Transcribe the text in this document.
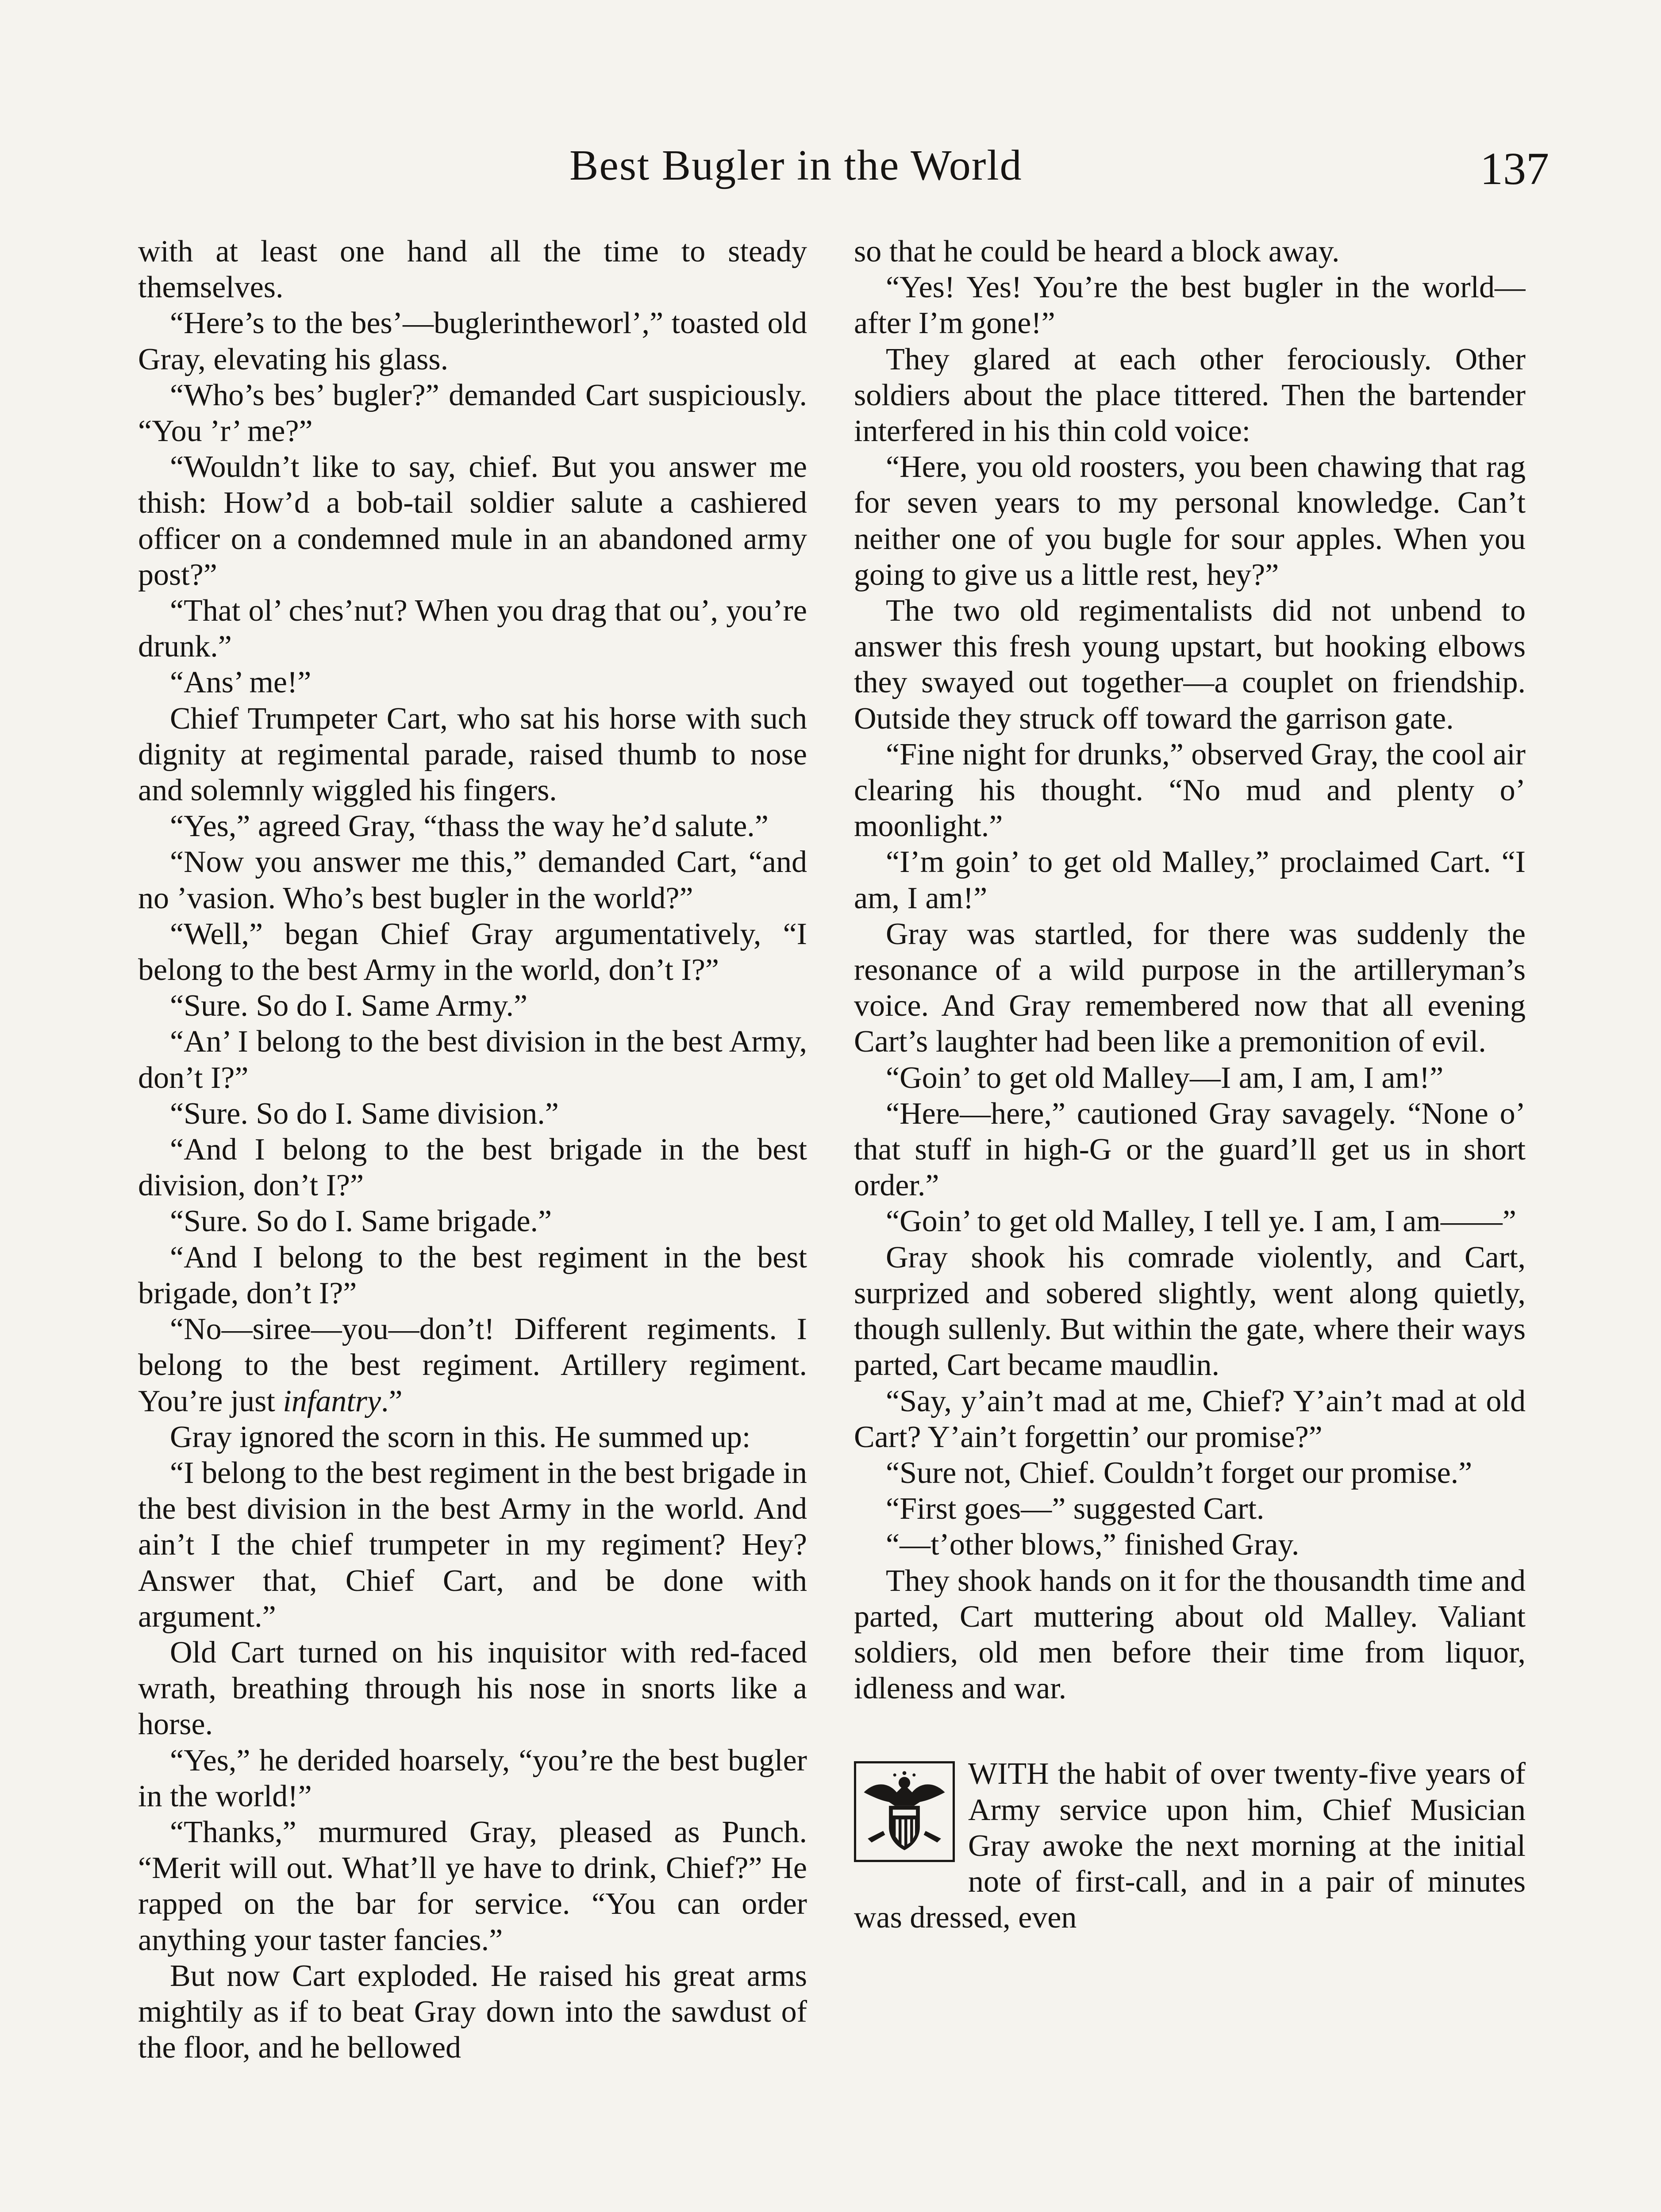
Best Bugler in the World	137

with at least one hand all the time to steady themselves.

“Here’s to the bes’—buglerintheworl’,” toasted old Gray, elevating his glass.

“Who’s bes’ bugler?” demanded Cart suspiciously. “You ’r’ me?”

“Wouldn’t like to say, chief. But you answer me thish: How’d a bob-tail soldier salute a cashiered officer on a condemned mule in an abandoned army post?”

“That ol’ ches’nut? When you drag that ou’, you’re drunk.”

“Ans’ me!”

Chief Trumpeter Cart, who sat his horse with such dignity at regimental parade, raised thumb to nose and solemnly wiggled his fingers.

“Yes,” agreed Gray, “thass the way he’d salute.”

“Now you answer me this,” demanded Cart, “and no ’vasion. Who’s best bugler in the world?”

“Well,” began Chief Gray argumentatively, “I belong to the best Army in the world, don’t I?”

“Sure. So do I. Same Army.”

“An’ I belong to the best division in the best Army, don’t I?”

“Sure. So do I. Same division.”

“And I belong to the best brigade in the best division, don’t I?”

“Sure. So do I. Same brigade.”

“And I belong to the best regiment in the best brigade, don’t I?”

“No—siree—you—don’t! Different regiments. I belong to the best regiment. Artillery regiment. You’re just infantry.”

Gray ignored the scorn in this. He summed up:

“I belong to the best regiment in the best brigade in the best division in the best Army in the world. And ain’t I the chief trumpeter in my regiment? Hey? Answer that, Chief Cart, and be done with argument.”

Old Cart turned on his inquisitor with red-faced wrath, breathing through his nose in snorts like a horse.

“Yes,” he derided hoarsely, “you’re the best bugler in the world!”

“Thanks,” murmured Gray, pleased as Punch. “Merit will out. What’ll ye have to drink, Chief?” He rapped on the bar for service. “You can order anything your taster fancies.”

But now Cart exploded. He raised his great arms mightily as if to beat Gray down into the sawdust of the floor, and he bellowed

so that he could be heard a block away.

“Yes! Yes! You’re the best bugler in the world—after I’m gone!”

They glared at each other ferociously. Other soldiers about the place tittered. Then the bartender interfered in his thin cold voice:

“Here, you old roosters, you been chawing that rag for seven years to my personal knowledge. Can’t neither one of you bugle for sour apples. When you going to give us a little rest, hey?”

The two old regimentalists did not unbend to answer this fresh young upstart, but hooking elbows they swayed out together—a couplet on friendship. Outside they struck off toward the garrison gate.

“Fine night for drunks,” observed Gray, the cool air clearing his thought. “No mud and plenty o’ moonlight.”

“I’m goin’ to get old Malley,” proclaimed Cart. “I am, I am!”

Gray was startled, for there was suddenly the resonance of a wild purpose in the artilleryman’s voice. And Gray remembered now that all evening Cart’s laughter had been like a premonition of evil.

“Goin’ to get old Malley—I am, I am, I am!”

“Here—here,” cautioned Gray savagely. “None o’ that stuff in high-G or the guard’ll get us in short order.”

“Goin’ to get old Malley, I tell ye. I am, I am——”

Gray shook his comrade violently, and Cart, surprized and sobered slightly, went along quietly, though sullenly. But within the gate, where their ways parted, Cart became maudlin.

“Say, y’ain’t mad at me, Chief? Y’ain’t mad at old Cart? Y’ain’t forgettin’ our promise?”

“Sure not, Chief. Couldn’t forget our promise.”

“First goes—” suggested Cart.

“—t’other blows,” finished Gray.

They shook hands on it for the thousandth time and parted, Cart muttering about old Malley. Valiant soldiers, old men before their time from liquor, idleness and war.

WITH the habit of over twenty-five years of Army service upon him, Chief Musician Gray awoke the next morning at the initial note of first-call, and in a pair of minutes was dressed, even
